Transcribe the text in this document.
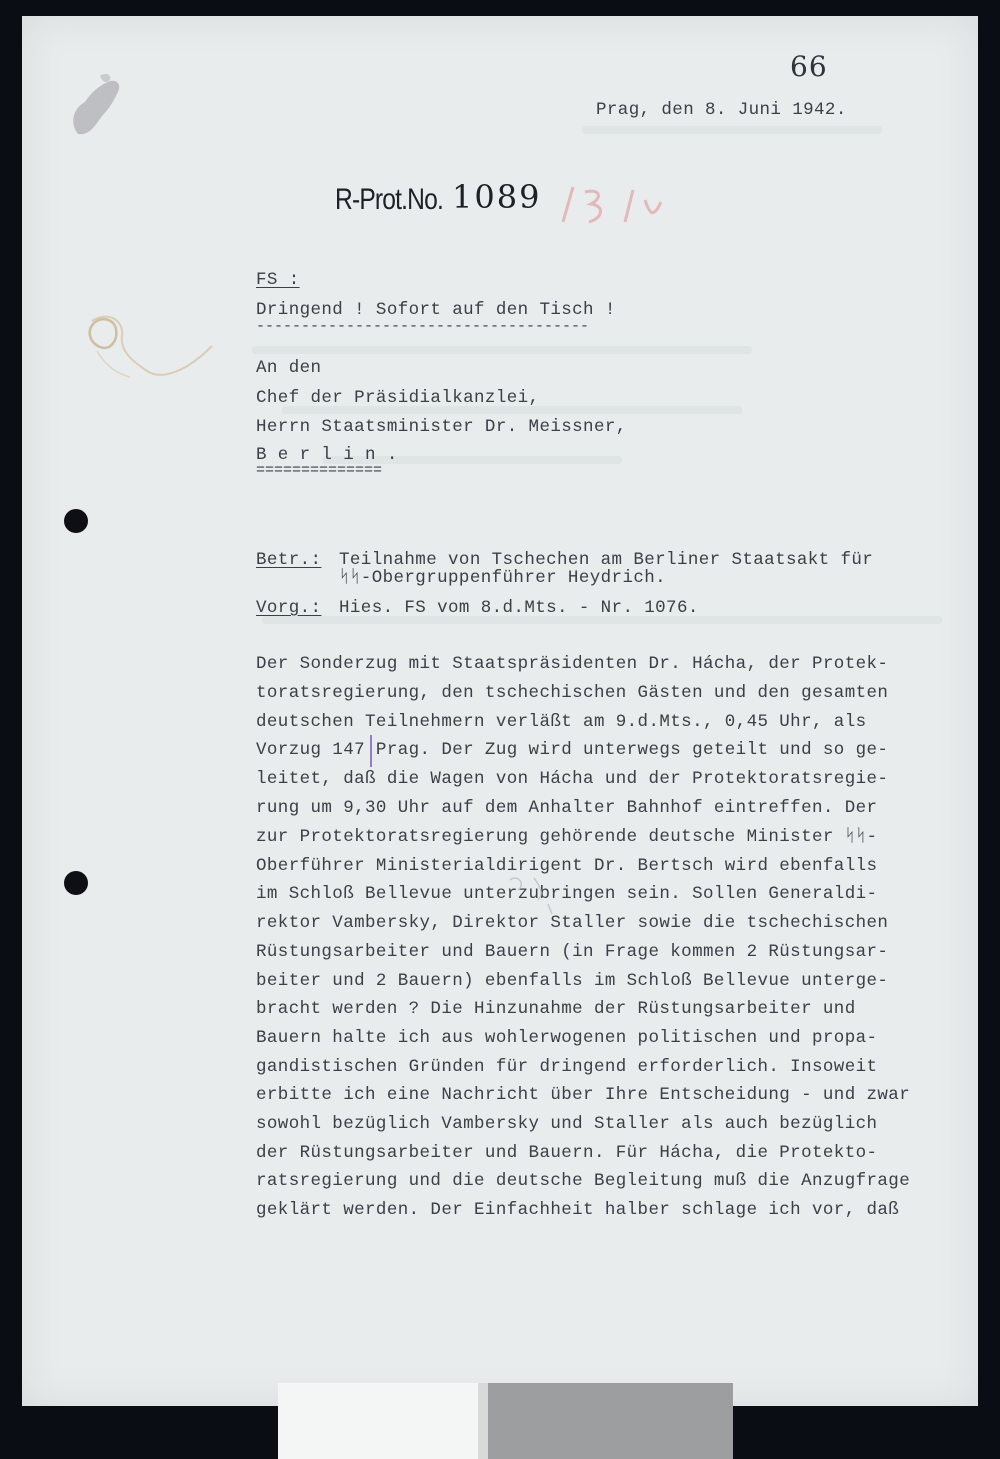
66
Prag, den 8. Juni 1942.
R-Prot.No. 1089
FS :
Dringend ! Sofort auf den Tisch !
-------------------------------------
An den
Chef der Präsidialkanzlei,
Herrn Staatsminister Dr. Meissner,
B e r l i n .
==============
Betr.: Teilnahme von Tschechen am Berliner Staatsakt für
ᛋᛋ-Obergruppenführer Heydrich.
Vorg.: Hies. FS vom 8.d.Mts. - Nr. 1076.
Der Sonderzug mit Staatspräsidenten Dr. Hácha, der Protek-
toratsregierung, den tschechischen Gästen und den gesamten
deutschen Teilnehmern verläßt am 9.d.Mts., 0,45 Uhr, als
Vorzug 147 Prag. Der Zug wird unterwegs geteilt und so ge-
leitet, daß die Wagen von Hácha und der Protektoratsregie-
rung um 9,30 Uhr auf dem Anhalter Bahnhof eintreffen. Der
zur Protektoratsregierung gehörende deutsche Minister ᛋᛋ-
Oberführer Ministerialdirigent Dr. Bertsch wird ebenfalls
im Schloß Bellevue unterzubringen sein. Sollen Generaldi-
rektor Vambersky, Direktor Staller sowie die tschechischen
Rüstungsarbeiter und Bauern (in Frage kommen 2 Rüstungsar-
beiter und 2 Bauern) ebenfalls im Schloß Bellevue unterge-
bracht werden ? Die Hinzunahme der Rüstungsarbeiter und
Bauern halte ich aus wohlerwogenen politischen und propa-
gandistischen Gründen für dringend erforderlich. Insoweit
erbitte ich eine Nachricht über Ihre Entscheidung - und zwar
sowohl bezüglich Vambersky und Staller als auch bezüglich
der Rüstungsarbeiter und Bauern. Für Hácha, die Protekto-
ratsregierung und die deutsche Begleitung muß die Anzugfrage
geklärt werden. Der Einfachheit halber schlage ich vor, daß
